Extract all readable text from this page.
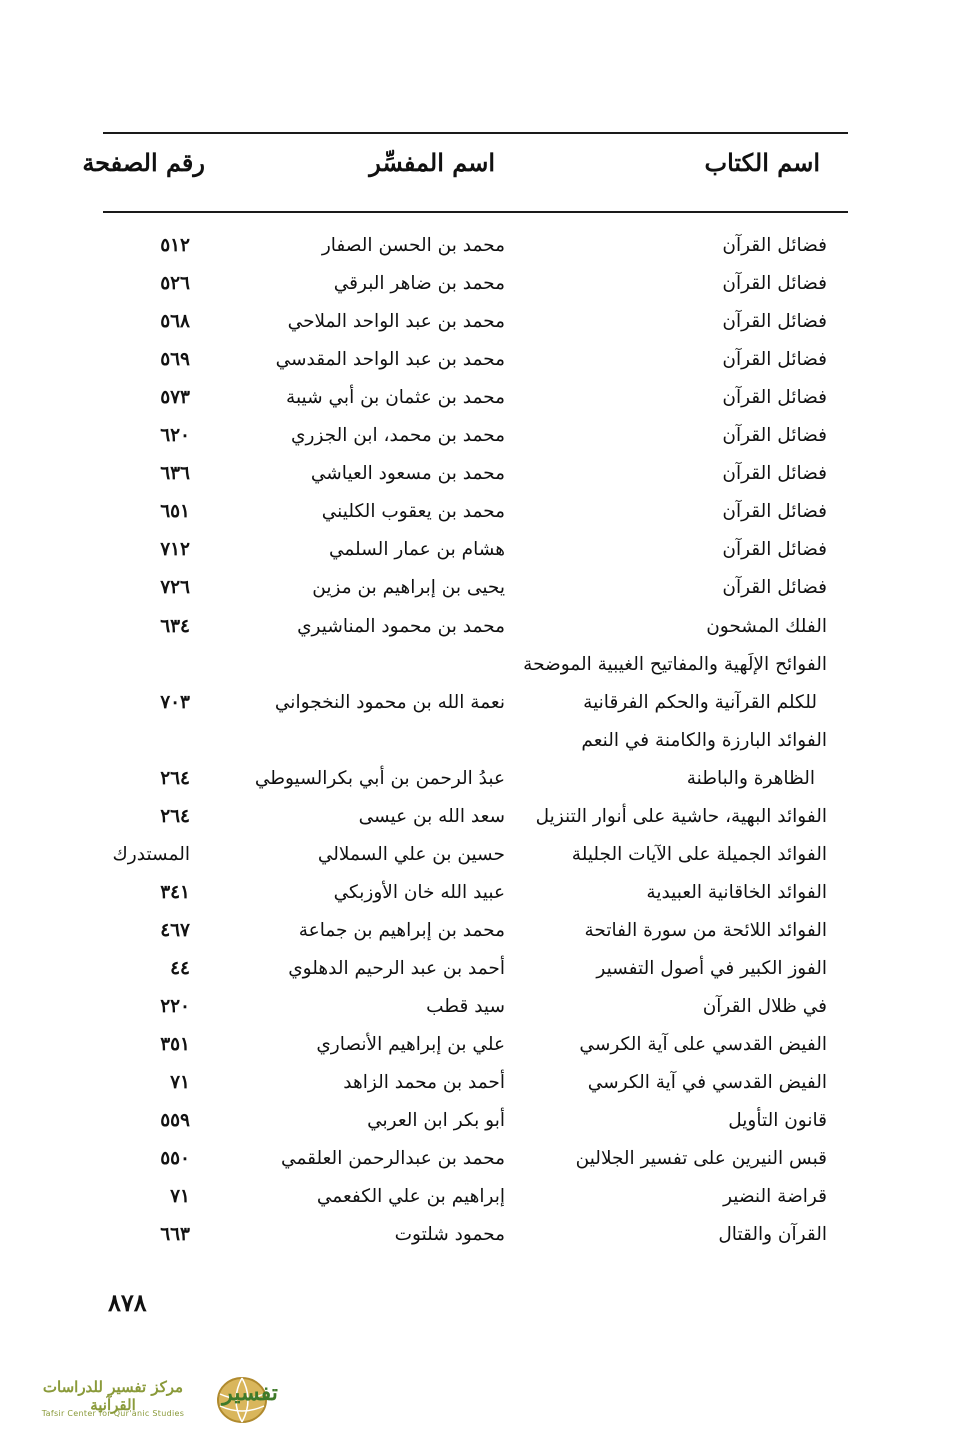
اسم الكتاب
اسم المفسِّر
رقم الصفحة
فضائل القرآن
محمد بن الحسن الصفار
٥١٢
فضائل القرآن
محمد بن ضاهر البرقي
٥٢٦
فضائل القرآن
محمد بن عبد الواحد الملاحي
٥٦٨
فضائل القرآن
محمد بن عبد الواحد المقدسي
٥٦٩
فضائل القرآن
محمد بن عثمان بن أبي شيبة
٥٧٣
فضائل القرآن
محمد بن محمد، ابن الجزري
٦٢٠
فضائل القرآن
محمد بن مسعود العياشي
٦٣٦
فضائل القرآن
محمد بن يعقوب الكليني
٦٥١
فضائل القرآن
هشام بن عمار السلمي
٧١٢
فضائل القرآن
يحيى بن إبراهيم بن مزين
٧٢٦
الفلك المشحون
محمد بن محمود المناشيري
٦٣٤
الفوائح الإلَهية والمفاتيح الغيبية الموضحة
للكلم القرآنية والحكم الفرقانية
نعمة الله بن محمود النخجواني
٧٠٣
الفوائد البارزة والكامنة في النعم
الظاهرة والباطنة
عبدُ الرحمن بن أبي بكرالسيوطي
٢٦٤
الفوائد البهية، حاشية على أنوار التنزيل
سعد الله بن عيسى
٢٦٤
الفوائد الجميلة على الآيات الجليلة
حسين بن علي السملالي
المستدرك
الفوائد الخاقانية العبيدية
عبيد الله خان الأوزبكي
٣٤١
الفوائد اللائحة من سورة الفاتحة
محمد بن إبراهيم بن جماعة
٤٦٧
الفوز الكبير في أصول التفسير
أحمد بن عبد الرحيم الدهلوي
٤٤
في ظلال القرآن
سيد قطب
٢٢٠
الفيض القدسي على آية الكرسي
علي بن إبراهيم الأنصاري
٣٥١
الفيض القدسي في آية الكرسي
أحمد بن محمد الزاهد
٧١
قانون التأويل
أبو بكر ابن العربي
٥٥٩
قبس النيرين على تفسير الجلالين
محمد بن عبدالرحمن العلقمي
٥٥٠
قراضة النضير
إبراهيم بن علي الكفعمي
٧١
القرآن والقتال
محمود شلتوت
٦٦٣
٨٧٨
مركز تفسير للدراسات القرآنية
Tafsir Center for Qur'anic Studies
تفسير
